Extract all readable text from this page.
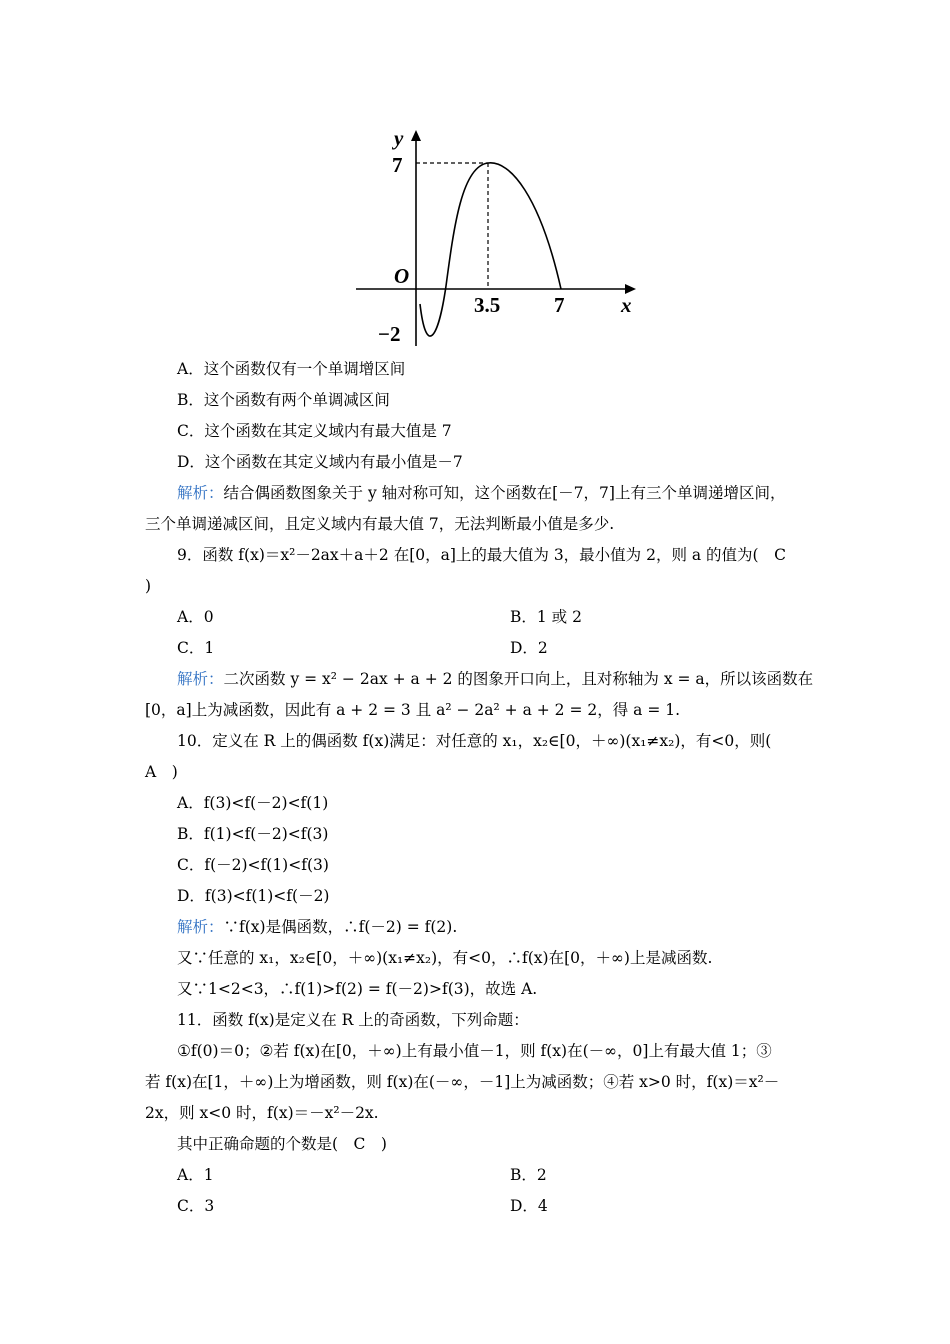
y
x
O
7
−2
3.5	7
A．这个函数仅有一个单调增区间
B．这个函数有两个单调减区间
C．这个函数在其定义域内有最大值是 7
D．这个函数在其定义域内有最小值是－7
解析：结合偶函数图象关于 y 轴对称可知，这个函数在[－7，7]上有三个单调递增区间，
三个单调递减区间，且定义域内有最大值 7，无法判断最小值是多少.
9．函数 f(x)＝x²－2ax＋a＋2 在[0，a]上的最大值为 3，最小值为 2，则 a 的值为(　C
)
A．0	B．1 或 2
C．1	D．2
解析：二次函数 y = x² − 2ax + a + 2 的图象开口向上，且对称轴为 x = a，所以该函数在
[0，a]上为减函数，因此有 a + 2 = 3 且 a² − 2a² + a + 2 = 2，得 a = 1.
10．定义在 R 上的偶函数 f(x)满足：对任意的 x₁，x₂∈[0，＋∞)(x₁≠x₂)，有<0，则(
A　)
A．f(3)<f(－2)<f(1)
B．f(1)<f(－2)<f(3)
C．f(－2)<f(1)<f(3)
D．f(3)<f(1)<f(－2)
解析：∵f(x)是偶函数，∴f(－2) = f(2).
又∵任意的 x₁，x₂∈[0，＋∞)(x₁≠x₂)，有<0，∴f(x)在[0，＋∞)上是减函数.
又∵1<2<3，∴f(1)>f(2) = f(－2)>f(3)，故选 A.
11．函数 f(x)是定义在 R 上的奇函数，下列命题：
①f(0)＝0；②若 f(x)在[0，＋∞)上有最小值－1，则 f(x)在(－∞，0]上有最大值 1；③
若 f(x)在[1，＋∞)上为增函数，则 f(x)在(－∞，－1]上为减函数；④若 x>0 时，f(x)＝x²－
2x，则 x<0 时，f(x)＝－x²－2x.
其中正确命题的个数是(　C　)
A．1	B．2
C．3	D．4
